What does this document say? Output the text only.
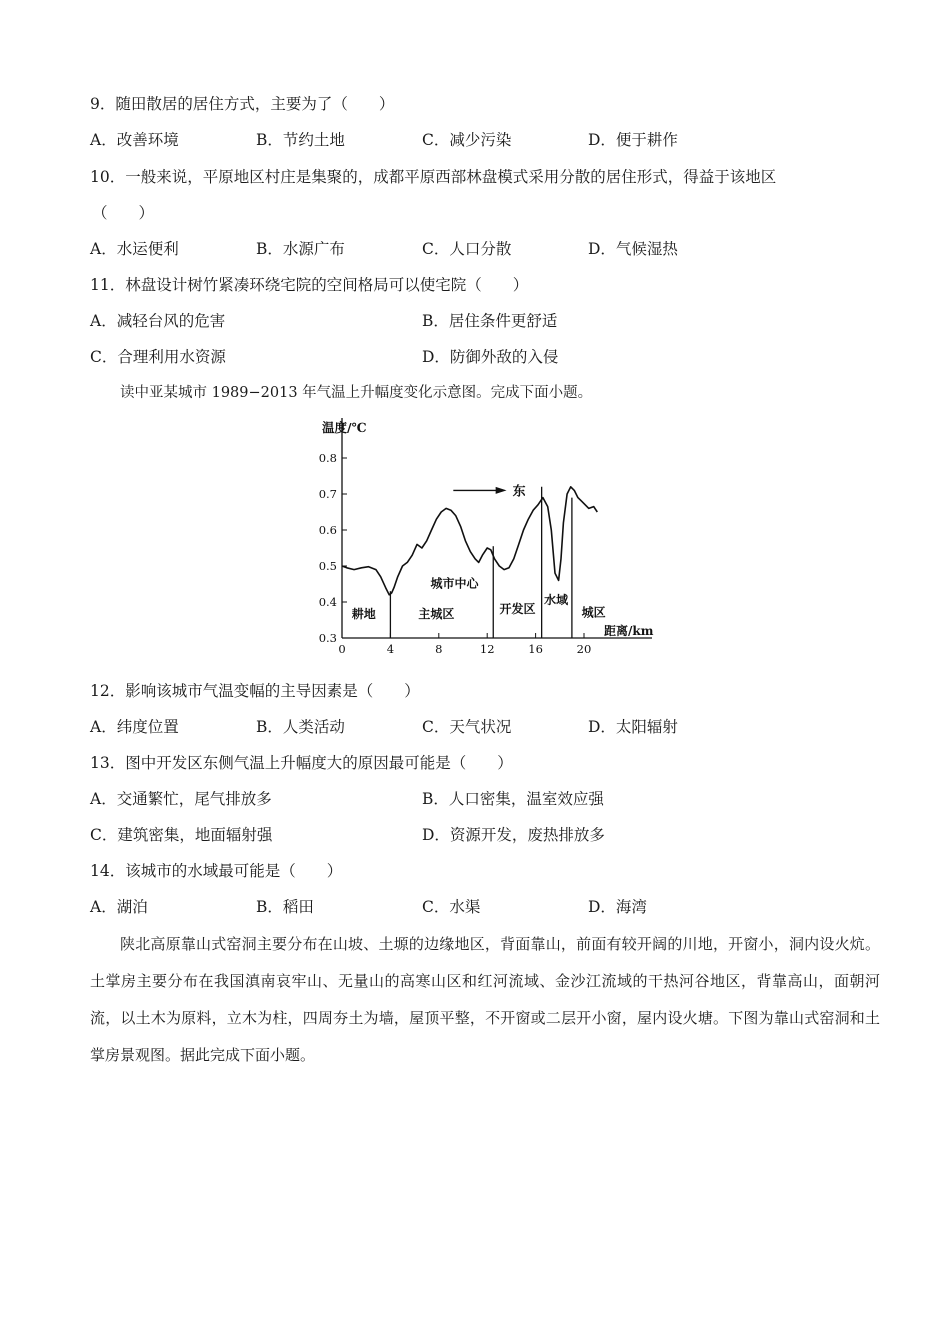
9．随田散居的居住方式，主要为了（　　）
A．改善环境	B．节约土地	C．减少污染	D．便于耕作
10．一般来说，平原地区村庄是集聚的，成都平原西部林盘模式采用分散的居住形式，得益于该地区
（　　）
A．水运便利	B．水源广布	C．人口分散	D．气候湿热
11．林盘设计树竹紧凑环绕宅院的空间格局可以使宅院（　　）
A．减轻台风的危害	B．居住条件更舒适
C．合理利用水资源	D．防御外敌的入侵
读中亚某城市 1989−2013 年气温上升幅度变化示意图。完成下面小题。
0.3
0.4
0.5
0.6
0.7
0.8
0	4	8	12	16	20
温度/℃
距离/km
耕地	主城区	开发区
水域
城区
城市中心
东
12．影响该城市气温变幅的主导因素是（　　）
A．纬度位置	B．人类活动	C．天气状况	D．太阳辐射
13．图中开发区东侧气温上升幅度大的原因最可能是（　　）
A．交通繁忙，尾气排放多	B．人口密集，温室效应强
C．建筑密集，地面辐射强	D．资源开发，废热排放多
14．该城市的水域最可能是（　　）
A．湖泊	B．稻田	C．水渠	D．海湾
陕北高原靠山式窑洞主要分布在山坡、土塬的边缘地区，背面靠山，前面有较开阔的川地，开窗小，洞内设火炕。土掌房主要分布在我国滇南哀牢山、无量山的高寒山区和红河流域、金沙江流域的干热河谷地区，背靠高山，面朝河流，以土木为原料，立木为柱，四周夯土为墙，屋顶平整，不开窗或二层开小窗，屋内设火塘。下图为靠山式窑洞和土掌房景观图。据此完成下面小题。
